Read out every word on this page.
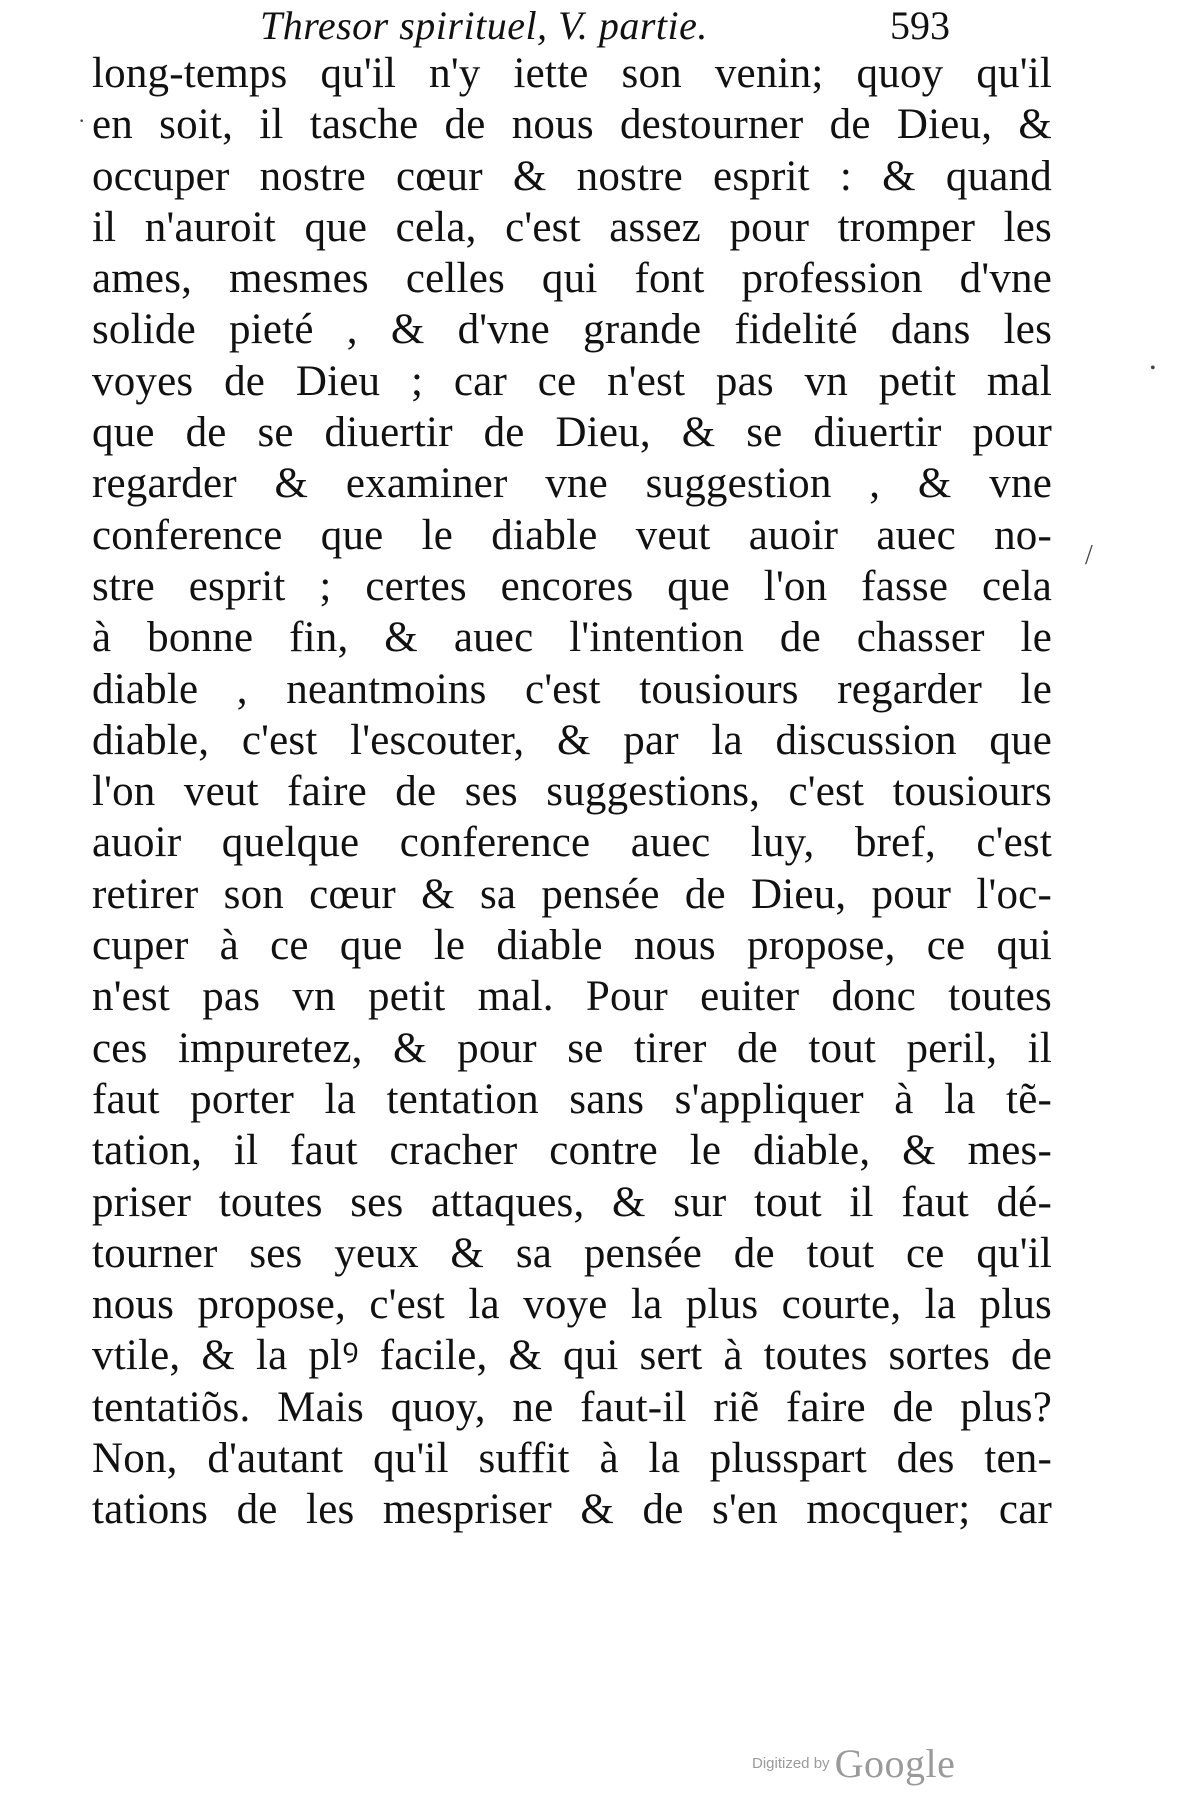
Thresor spirituel, V. partie.	593
long-temps qu'il n'y iette son venin; quoy qu'il
en soit, il tasche de nous destourner de Dieu, &
occuper nostre cœur & nostre esprit : & quand
il n'auroit que cela, c'est assez pour tromper les
ames, mesmes celles qui font profession d'vne
solide pieté , & d'vne grande fidelité dans les
voyes de Dieu ; car ce n'est pas vn petit mal
que de se diuertir de Dieu, & se diuertir pour
regarder & examiner vne suggestion , & vne
conference que le diable veut auoir auec no-
stre esprit ; certes encores que l'on fasse cela
à bonne fin, & auec l'intention de chasser le
diable , neantmoins c'est tousiours regarder le
diable, c'est l'escouter, & par la discussion que
l'on veut faire de ses suggestions, c'est tousiours
auoir quelque conference auec luy, bref, c'est
retirer son cœur & sa pensée de Dieu, pour l'oc-
cuper à ce que le diable nous propose, ce qui
n'est pas vn petit mal. Pour euiter donc toutes
ces impuretez, & pour se tirer de tout peril, il
faut porter la tentation sans s'appliquer à la tẽ-
tation, il faut cracher contre le diable, & mes-
priser toutes ses attaques, & sur tout il faut dé-
tourner ses yeux & sa pensée de tout ce qu'il
nous propose, c'est la voye la plus courte, la plus
vtile, & la plꝰ facile, & qui sert à toutes sortes de
tentatiõs. Mais quoy, ne faut-il riẽ faire de plus?
Non, d'autant qu'il suffit à la plusspart des ten-
tations de les mespriser & de s'en mocquer; car
•
/
·
Digitized by Google
